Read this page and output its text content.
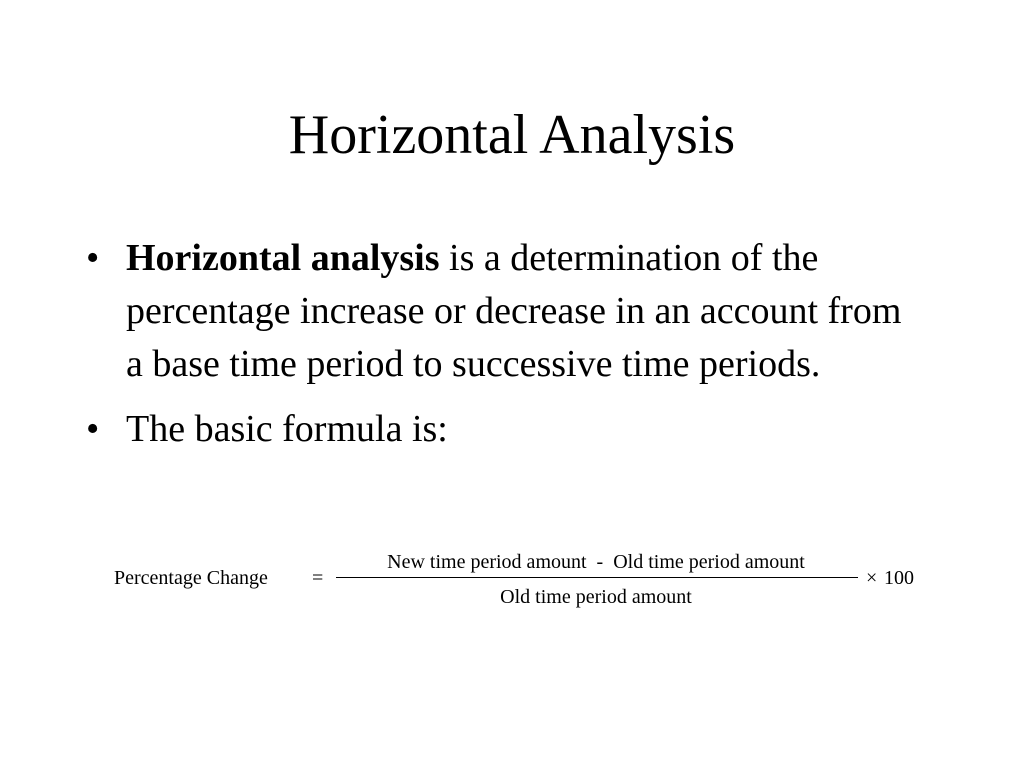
Horizontal Analysis
• Horizontal analysis is a determination of the percentage increase or decrease in an account from a base time period to successive time periods.
• The basic formula is:
Percentage Change =
New time period amount  -  Old time period amount
Old time period amount
× 100
